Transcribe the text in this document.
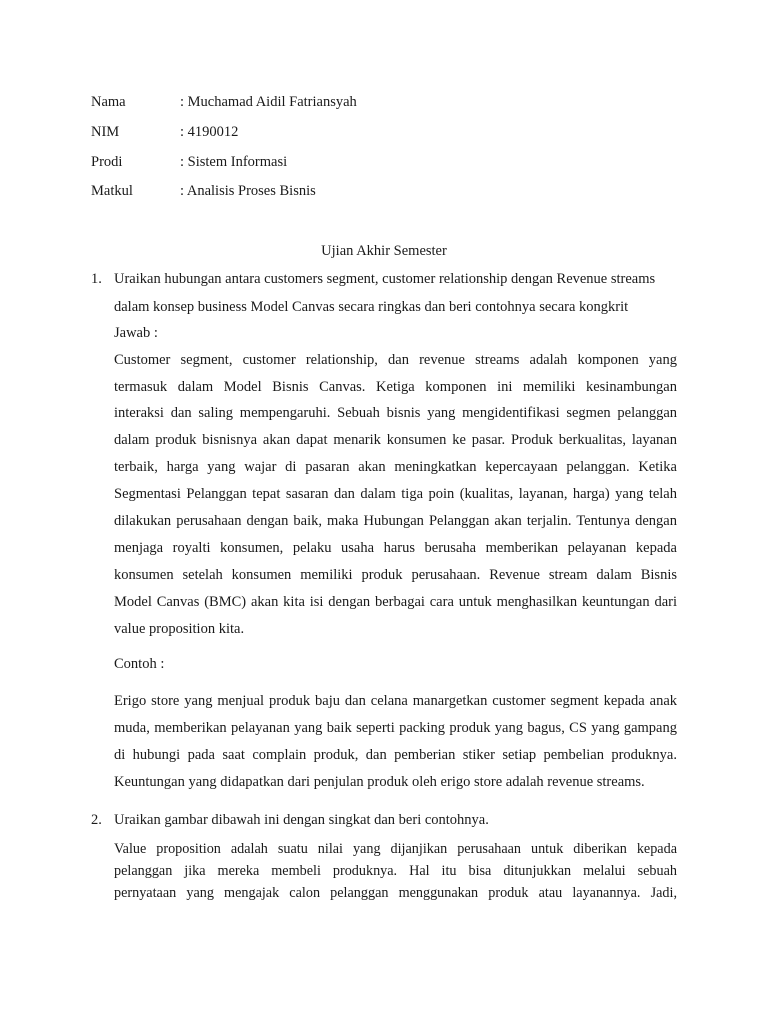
Nama	: Muchamad Aidil Fatriansyah
NIM	: 4190012
Prodi	: Sistem Informasi
Matkul	: Analisis Proses Bisnis
Ujian Akhir Semester
1. Uraikan hubungan antara customers segment, customer relationship dengan Revenue streams
dalam konsep business Model Canvas secara ringkas dan beri contohnya secara kongkrit
Jawab :
Customer segment, customer relationship, dan revenue streams adalah komponen yang
termasuk dalam Model Bisnis Canvas. Ketiga komponen ini memiliki kesinambungan
interaksi dan saling mempengaruhi. Sebuah bisnis yang mengidentifikasi segmen pelanggan
dalam produk bisnisnya akan dapat menarik konsumen ke pasar. Produk berkualitas, layanan
terbaik, harga yang wajar di pasaran akan meningkatkan kepercayaan pelanggan. Ketika
Segmentasi Pelanggan tepat sasaran dan dalam tiga poin (kualitas, layanan, harga) yang telah
dilakukan perusahaan dengan baik, maka Hubungan Pelanggan akan terjalin. Tentunya dengan
menjaga royalti konsumen, pelaku usaha harus berusaha memberikan pelayanan kepada
konsumen setelah konsumen memiliki produk perusahaan. Revenue stream dalam Bisnis
Model Canvas (BMC) akan kita isi dengan berbagai cara untuk menghasilkan keuntungan dari
value proposition kita.
Contoh :
Erigo store yang menjual produk baju dan celana manargetkan customer segment kepada anak
muda, memberikan pelayanan yang baik seperti packing produk yang bagus, CS yang gampang
di hubungi pada saat complain produk, dan pemberian stiker setiap pembelian produknya.
Keuntungan yang didapatkan dari penjulan produk oleh erigo store adalah revenue streams.
2. Uraikan gambar dibawah ini dengan singkat dan beri contohnya.
Value proposition adalah suatu nilai yang dijanjikan perusahaan untuk diberikan kepada
pelanggan jika mereka membeli produknya. Hal itu bisa ditunjukkan melalui sebuah
pernyataan yang mengajak calon pelanggan menggunakan produk atau layanannya. Jadi,
